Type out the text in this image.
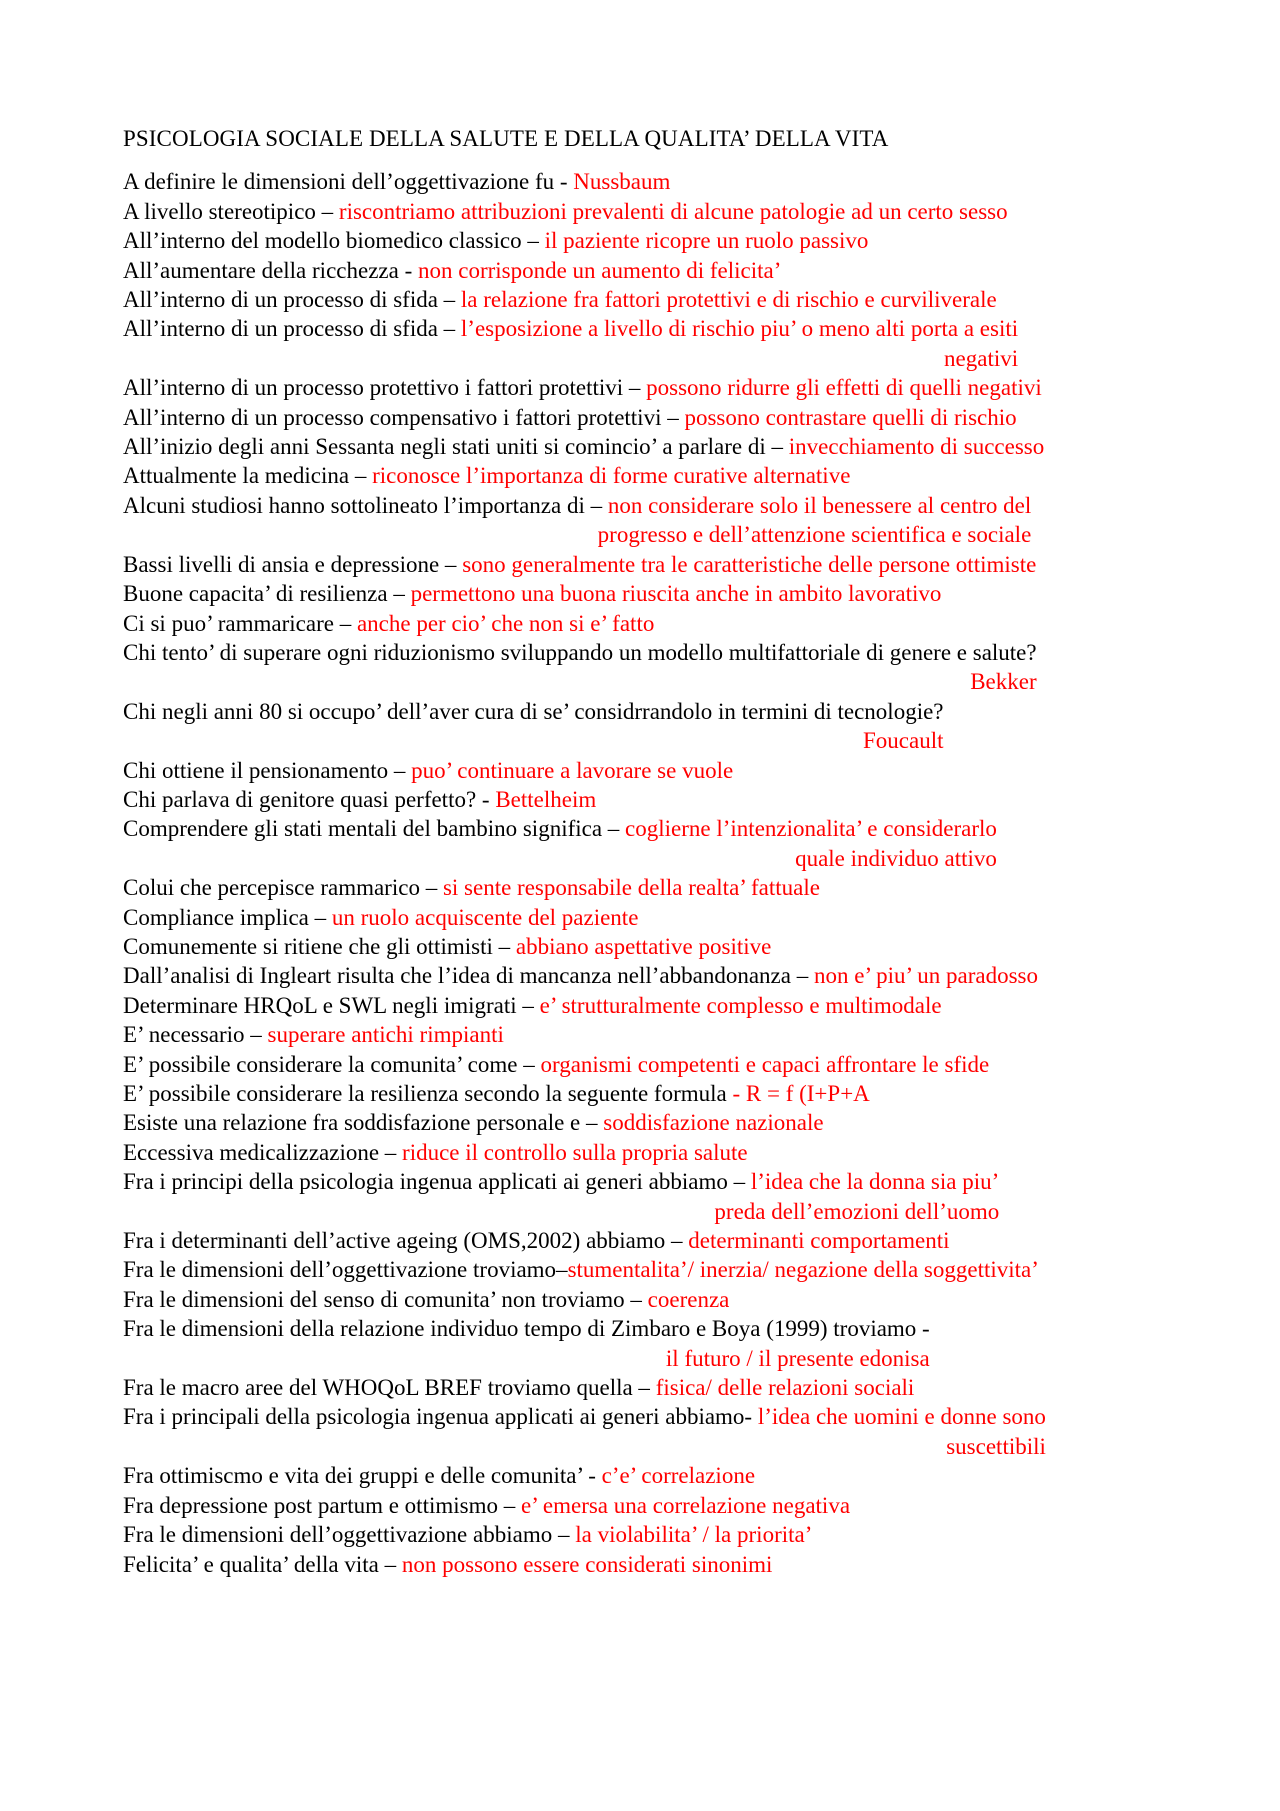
PSICOLOGIA SOCIALE DELLA SALUTE E DELLA QUALITA’ DELLA VITA

A definire le dimensioni dell’oggettivazione fu - Nussbaum

A livello stereotipico – riscontriamo attribuzioni prevalenti di alcune patologie ad un certo sesso

All’interno del modello biomedico classico – il paziente ricopre un ruolo passivo

All’aumentare della ricchezza - non corrisponde un aumento di felicita’

All’interno di un processo di sfida – la relazione fra fattori protettivi e di rischio e curviliverale

All’interno di un processo di sfida – l’esposizione a livello di rischio piu’ o meno alti porta a esiti

negativi

All’interno di un processo protettivo i fattori protettivi – possono ridurre gli effetti di quelli negativi

All’interno di un processo compensativo i fattori protettivi – possono contrastare quelli di rischio

All’inizio degli anni Sessanta negli stati uniti si comincio’ a parlare di – invecchiamento di successo

Attualmente la medicina – riconosce l’importanza di forme curative alternative

Alcuni studiosi hanno sottolineato l’importanza di – non considerare solo il benessere al centro del

progresso e dell’attenzione scientifica e sociale

Bassi livelli di ansia e depressione – sono generalmente tra le caratteristiche delle persone ottimiste

Buone capacita’ di resilienza – permettono una buona riuscita anche in ambito lavorativo

Ci si puo’ rammaricare – anche per cio’ che non si e’ fatto

Chi tento’ di superare ogni riduzionismo sviluppando un modello multifattoriale di genere e salute?

Bekker

Chi negli anni 80 si occupo’ dell’aver cura di se’ considrrandolo in termini di tecnologie?

Foucault

Chi ottiene il pensionamento – puo’ continuare a lavorare se vuole

Chi parlava di genitore quasi perfetto? - Bettelheim

Comprendere gli stati mentali del bambino significa – coglierne l’intenzionalita’ e considerarlo

quale individuo attivo

Colui che percepisce rammarico – si sente responsabile della realta’ fattuale

Compliance implica – un ruolo acquiscente del paziente

Comunemente si ritiene che gli ottimisti – abbiano aspettative positive

Dall’analisi di Ingleart risulta che l’idea di mancanza nell’abbandonanza – non e’ piu’ un paradosso

Determinare HRQoL e SWL negli imigrati – e’ strutturalmente complesso e multimodale

E’ necessario – superare antichi rimpianti

E’ possibile considerare la comunita’ come – organismi competenti e capaci affrontare le sfide

E’ possibile considerare la resilienza secondo la seguente formula - R = f (I+P+A

Esiste una relazione fra soddisfazione personale e – soddisfazione nazionale

Eccessiva medicalizzazione – riduce il controllo sulla propria salute

Fra i principi della psicologia ingenua applicati ai generi abbiamo – l’idea che la donna sia piu’

preda dell’emozioni dell’uomo

Fra i determinanti dell’active ageing (OMS,2002) abbiamo – determinanti comportamenti

Fra le dimensioni dell’oggettivazione troviamo–stumentalita’/ inerzia/ negazione della soggettivita’

Fra le dimensioni del senso di comunita’ non troviamo – coerenza

Fra le dimensioni della relazione individuo tempo di Zimbaro e Boya (1999) troviamo -

il futuro / il presente edonisa

Fra le macro aree del WHOQoL BREF troviamo quella – fisica/ delle relazioni sociali

Fra i principali della psicologia ingenua applicati ai generi abbiamo- l’idea che uomini e donne sono

suscettibili

Fra ottimiscmo e vita dei gruppi e delle comunita’ - c’e’ correlazione

Fra depressione post partum e ottimismo – e’ emersa una correlazione negativa

Fra le dimensioni dell’oggettivazione abbiamo – la violabilita’ / la priorita’

Felicita’ e qualita’ della vita – non possono essere considerati sinonimi
